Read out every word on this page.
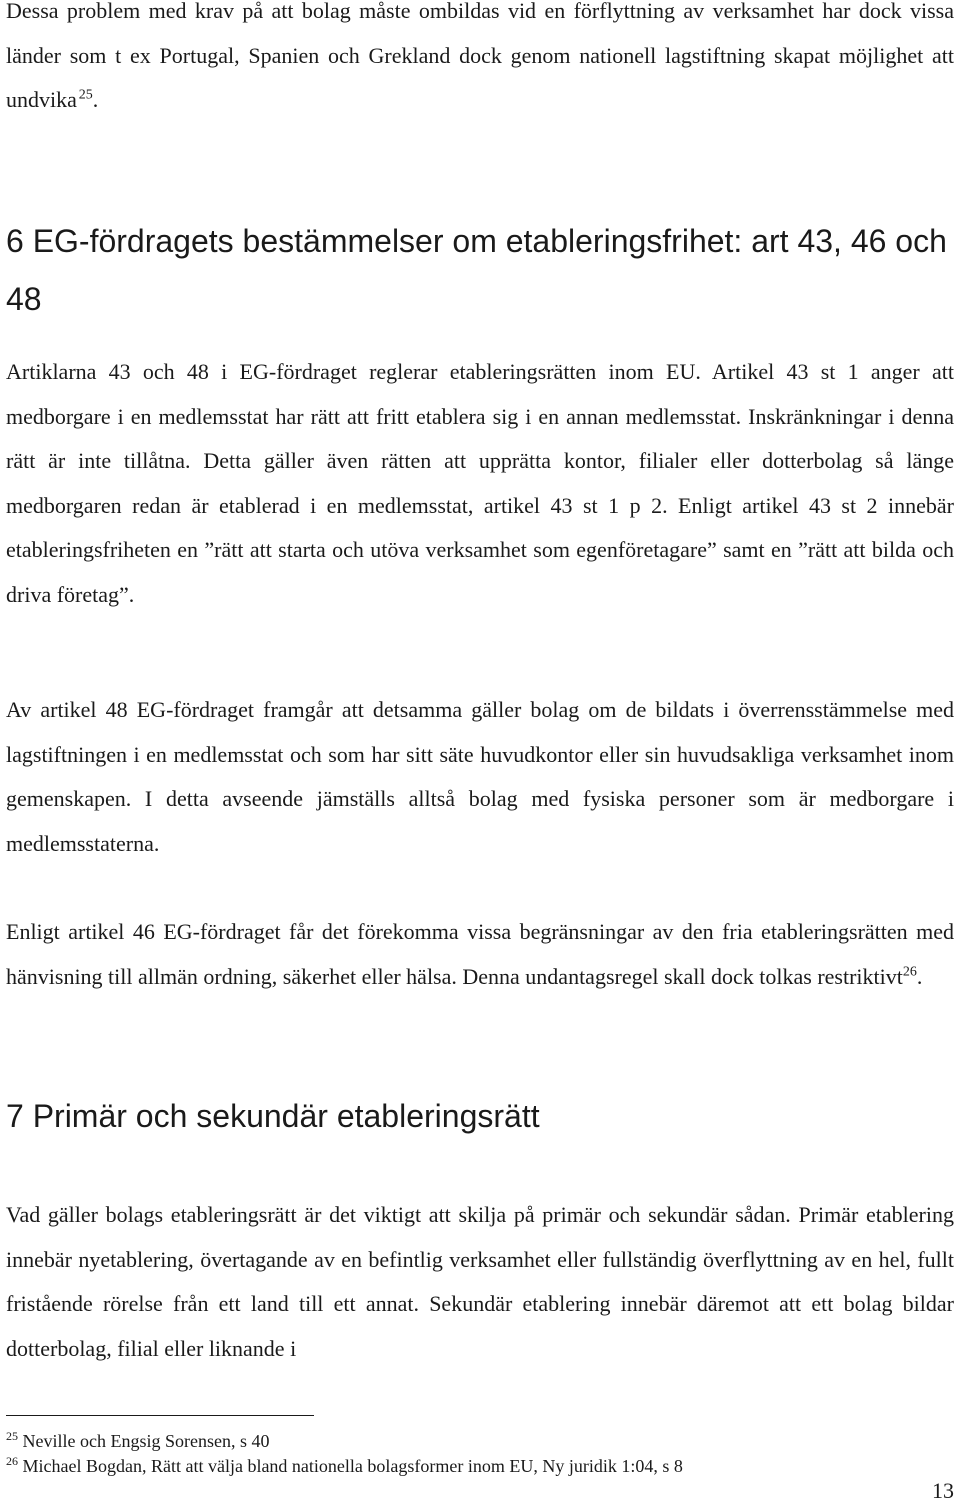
Dessa problem med krav på att bolag måste ombildas vid en förflyttning av verksamhet har dock vissa länder som t ex Portugal, Spanien och Grekland dock genom nationell lagstiftning skapat möjlighet att undvika  $^{25}$.

6 EG-fördragets bestämmelser om etableringsfrihet: art 43, 46 och 48

Artiklarna 43 och 48 i EG-fördraget reglerar etableringsrätten inom EU. Artikel 43 st 1 anger att medborgare i en medlemsstat har rätt att fritt etablera sig i en annan medlemsstat. Inskränkningar i denna rätt är inte tillåtna. Detta gäller även rätten att upprätta kontor, filialer eller dotterbolag så länge medborgaren redan är etablerad i en medlemsstat, artikel 43 st 1 p 2. Enligt artikel 43 st 2 innebär etableringsfriheten en ”rätt att starta och utöva verksamhet som egenföretagare” samt en ”rätt att bilda och driva företag”.

Av artikel 48 EG-fördraget framgår att detsamma gäller bolag om de bildats i överrensstämmelse med lagstiftningen i en medlemsstat och som har sitt säte huvudkontor eller sin huvudsakliga verksamhet inom gemenskapen. I detta avseende jämställs alltså bolag med fysiska personer som är medborgare i medlemsstaterna.

Enligt artikel 46 EG-fördraget får det förekomma vissa begränsningar av den fria etableringsrätten med hänvisning till allmän ordning, säkerhet eller hälsa. Denna undantagsregel skall dock tolkas restriktivt$^{26}$.

7 Primär och sekundär etableringsrätt

Vad gäller bolags etableringsrätt är det viktigt att skilja på primär och sekundär sådan. Primär etablering innebär nyetablering, övertagande av en befintlig verksamhet eller fullständig överflyttning av en hel, fullt fristående rörelse från ett land till ett annat. Sekundär etablering innebär däremot att ett bolag bildar dotterbolag, filial eller liknande i

$^{25}$ Neville och Engsig Sorensen, s 40

$^{26}$ Michael Bogdan, Rätt att välja bland nationella bolagsformer inom EU, Ny juridik 1:04, s 8

13
